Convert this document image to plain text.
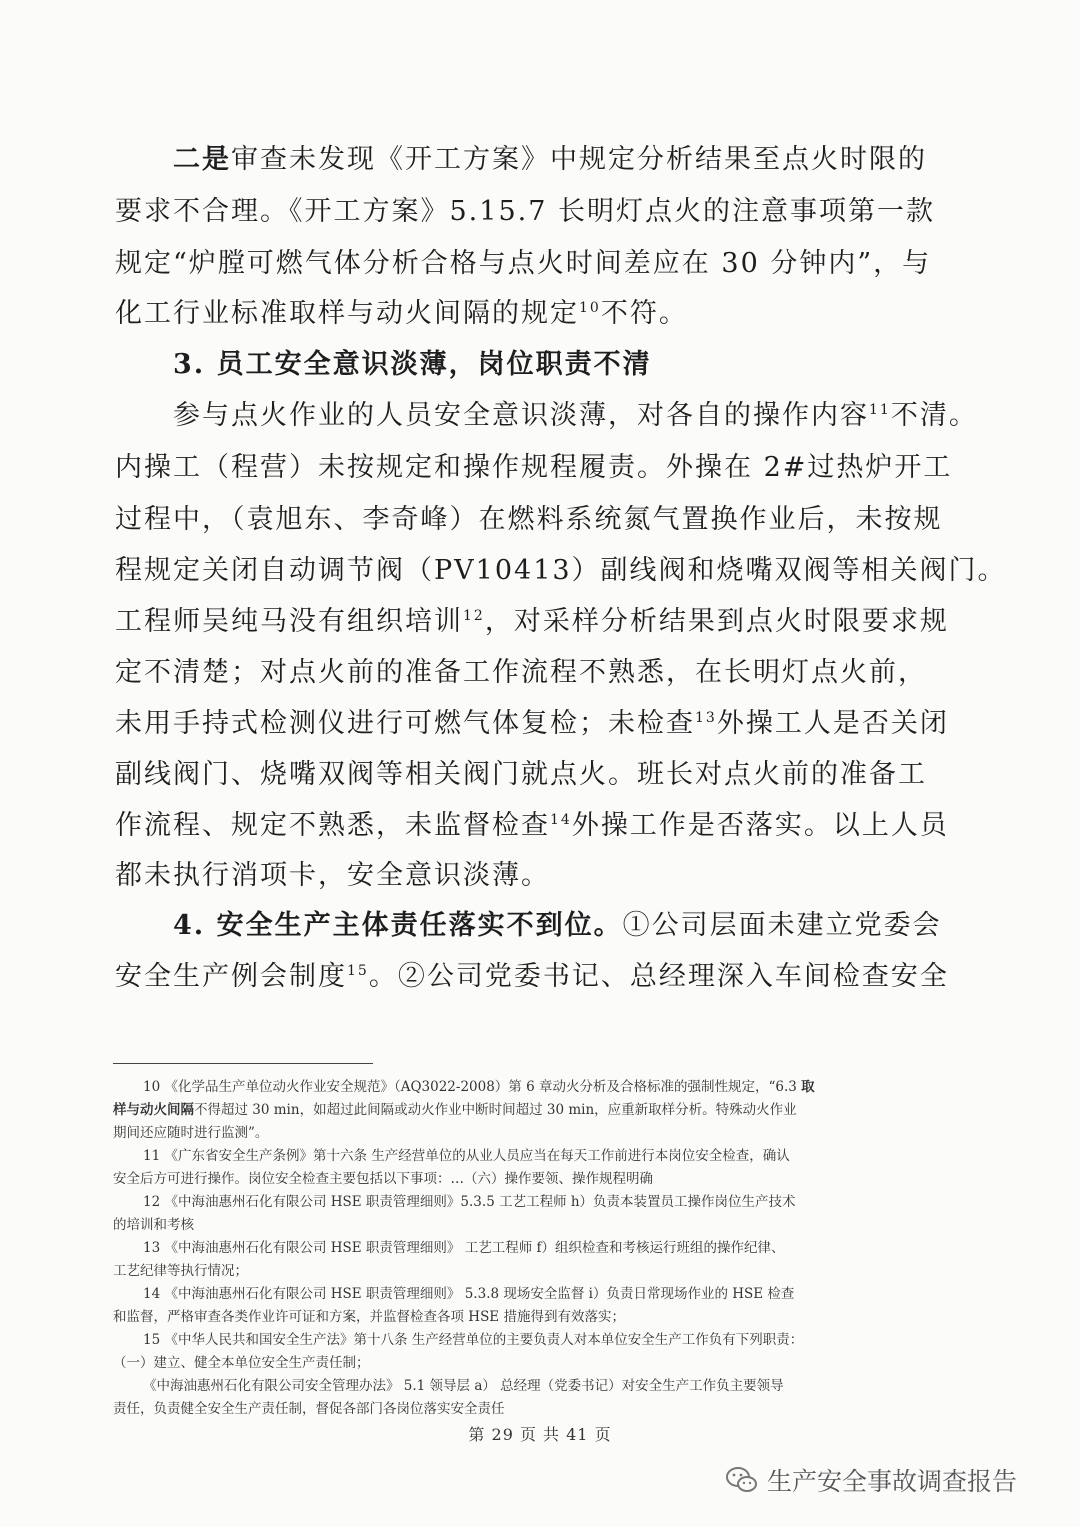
二是审查未发现《开工方案》中规定分析结果至点火时限的
要求不合理。《开工方案》5.15.7 长明灯点火的注意事项第一款
规定“炉膛可燃气体分析合格与点火时间差应在 30 分钟内”，与
化工行业标准取样与动火间隔的规定$^{10}$不符。
3. 员工安全意识淡薄，岗位职责不清
参与点火作业的人员安全意识淡薄，对各自的操作内容$^{11}$不清。
内操工（程营）未按规定和操作规程履责。外操在 2#过热炉开工
过程中，（袁旭东、李奇峰）在燃料系统氮气置换作业后，未按规
程规定关闭自动调节阀（PV10413）副线阀和烧嘴双阀等相关阀门。
工程师吴纯马没有组织培训$^{12}$，对采样分析结果到点火时限要求规
定不清楚；对点火前的准备工作流程不熟悉，在长明灯点火前，
未用手持式检测仪进行可燃气体复检；未检查$^{13}$外操工人是否关闭
副线阀门、烧嘴双阀等相关阀门就点火。班长对点火前的准备工
作流程、规定不熟悉，未监督检查$^{14}$外操工作是否落实。以上人员
都未执行消项卡，安全意识淡薄。
4. 安全生产主体责任落实不到位。①公司层面未建立党委会
安全生产例会制度$^{15}$。②公司党委书记、总经理深入车间检查安全
10 《化学品生产单位动火作业安全规范》（AQ3022-2008）第 6 章动火分析及合格标准的强制性规定，“6.3 取
样与动火间隔不得超过 30 min，如超过此间隔或动火作业中断时间超过 30 min，应重新取样分析。特殊动火作业
期间还应随时进行监测”。
11 《广东省安全生产条例》第十六条 生产经营单位的从业人员应当在每天工作前进行本岗位安全检查，确认
安全后方可进行操作。岗位安全检查主要包括以下事项：…（六）操作要领、操作规程明确
12 《中海油惠州石化有限公司 HSE 职责管理细则》5.3.5 工艺工程师 h）负责本装置员工操作岗位生产技术
的培训和考核
13 《中海油惠州石化有限公司 HSE 职责管理细则》 工艺工程师 f）组织检查和考核运行班组的操作纪律、
工艺纪律等执行情况；
14 《中海油惠州石化有限公司 HSE 职责管理细则》 5.3.8 现场安全监督 i）负责日常现场作业的 HSE 检查
和监督，严格审查各类作业许可证和方案，并监督检查各项 HSE 措施得到有效落实；
15 《中华人民共和国安全生产法》第十八条 生产经营单位的主要负责人对本单位安全生产工作负有下列职责：
（一）建立、健全本单位安全生产责任制；
《中海油惠州石化有限公司安全管理办法》 5.1 领导层 a） 总经理（党委书记）对安全生产工作负主要领导
责任，负责健全安全生产责任制，督促各部门各岗位落实安全责任
第 29 页 共 41 页
生产安全事故调查报告
